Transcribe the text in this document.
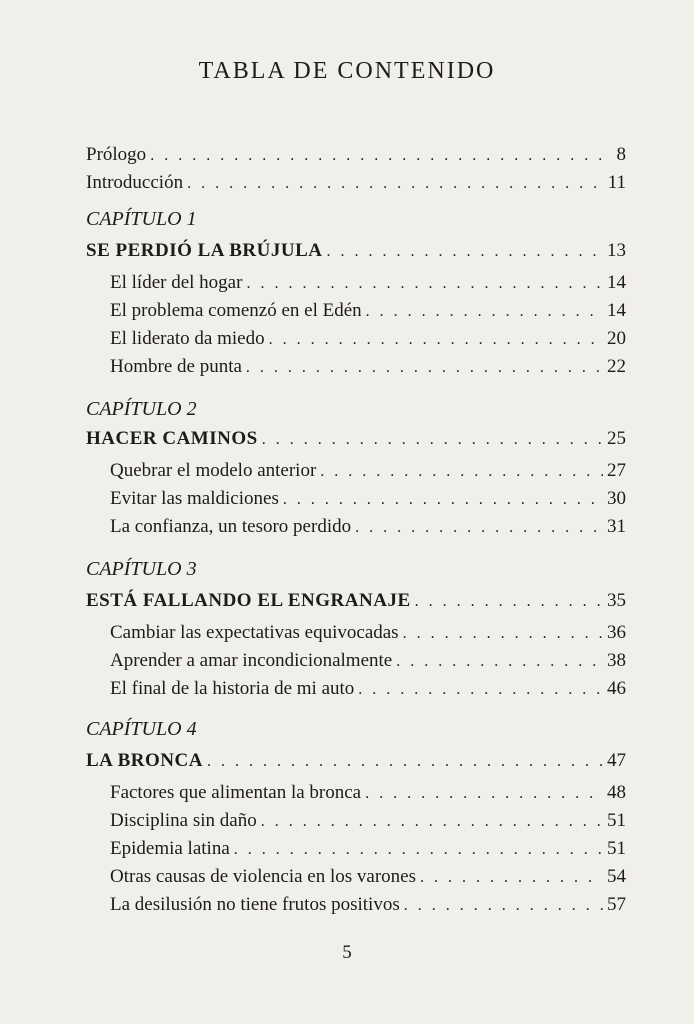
TABLA DE CONTENIDO
Prólogo . . .	8
Introducción . . .	11
CAPÍTULO 1
SE PERDIÓ LA BRÚJULA . . .	13
El líder del hogar . . .	14
El problema comenzó en el Edén . . .	14
El liderato da miedo . . .	20
Hombre de punta . . .	22
CAPÍTULO 2
HACER CAMINOS . . .	25
Quebrar el modelo anterior . . .	27
Evitar las maldiciones . . .	30
La confianza, un tesoro perdido . . .	31
CAPÍTULO 3
ESTÁ FALLANDO EL ENGRANAJE . . .	35
Cambiar las expectativas equivocadas . . .	36
Aprender a amar incondicionalmente . . .	38
El final de la historia de mi auto . . .	46
CAPÍTULO 4
LA BRONCA . . .	47
Factores que alimentan la bronca . . .	48
Disciplina sin daño . . .	51
Epidemia latina . . .	51
Otras causas de violencia en los varones . . .	54
La desilusión no tiene frutos positivos . . .	57
5
